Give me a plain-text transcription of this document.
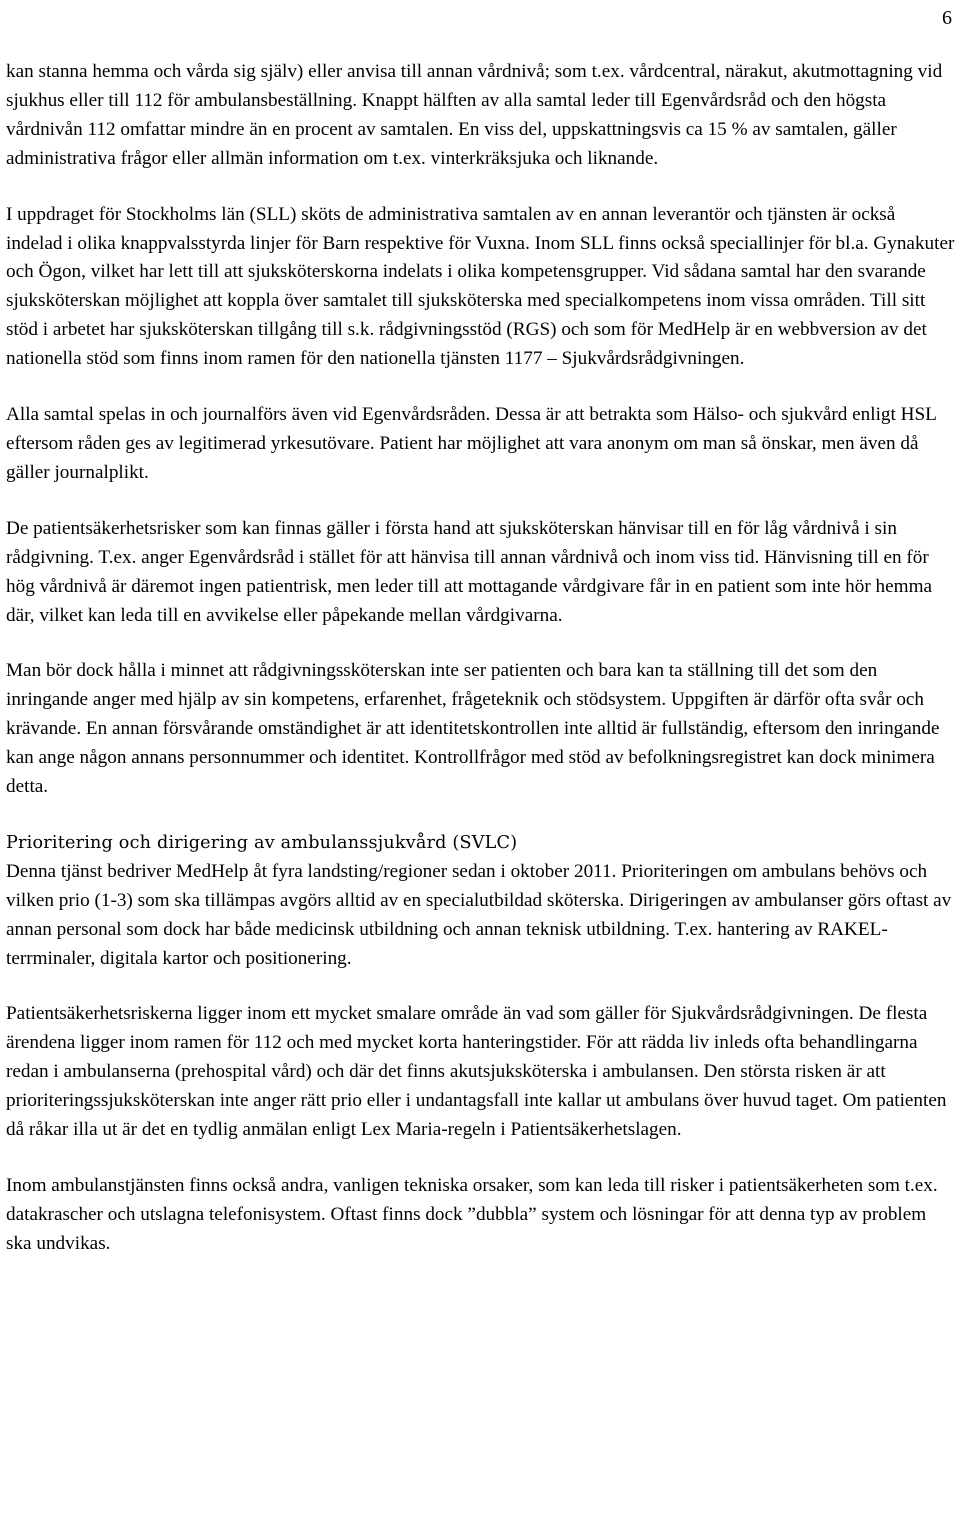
6

kan stanna hemma och vårda sig själv) eller anvisa till annan vårdnivå; som t.ex. vårdcentral, närakut, akutmottagning vid sjukhus eller till 112 för ambulansbeställning. Knappt hälften av alla samtal leder till Egenvårdsråd och den högsta vårdnivån 112 omfattar mindre än en procent av samtalen. En viss del, uppskattningsvis ca 15 % av samtalen, gäller administrativa frågor eller allmän information om t.ex. vinterkräksjuka och liknande.

I uppdraget för Stockholms län (SLL) sköts de administrativa samtalen av en annan leverantör och tjänsten är också indelad i olika knappvalsstyrda linjer för Barn respektive för Vuxna. Inom SLL finns också speciallinjer för bl.a. Gynakuter och Ögon, vilket har lett till att sjuksköterskorna indelats i olika kompetensgrupper. Vid sådana samtal har den svarande sjuksköterskan möjlighet att koppla över samtalet till sjuksköterska med specialkompetens inom vissa områden. Till sitt stöd i arbetet har sjuksköterskan tillgång till s.k. rådgivningsstöd (RGS) och som för MedHelp är en webbversion av det nationella stöd som finns inom ramen för den nationella tjänsten 1177 – Sjukvårdsrådgivningen.

Alla samtal spelas in och journalförs även vid Egenvårdsråden. Dessa är att betrakta som Hälso- och sjukvård enligt HSL eftersom råden ges av legitimerad yrkesutövare. Patient har möjlighet att vara anonym om man så önskar, men även då gäller journalplikt.

De patientsäkerhetsrisker som kan finnas gäller i första hand att sjuksköterskan hänvisar till en för låg vårdnivå i sin rådgivning. T.ex. anger Egenvårdsråd i stället för att hänvisa till annan vårdnivå och inom viss tid. Hänvisning till en för hög vårdnivå är däremot ingen patientrisk, men leder till att mottagande vårdgivare får in en patient som inte hör hemma där, vilket kan leda till en avvikelse eller påpekande mellan vårdgivarna.

Man bör dock hålla i minnet att rådgivningssköterskan inte ser patienten och bara kan ta ställning till det som den inringande anger med hjälp av sin kompetens, erfarenhet, frågeteknik och stödsystem. Uppgiften är därför ofta svår och krävande. En annan försvårande omständighet är att identitetskontrollen inte alltid är fullständig, eftersom den inringande kan ange någon annans personnummer och identitet. Kontrollfrågor med stöd av befolkningsregistret kan dock minimera detta.

Prioritering och dirigering av ambulanssjukvård (SVLC)

Denna tjänst bedriver MedHelp åt fyra landsting/regioner sedan i oktober 2011. Prioriteringen om ambulans behövs och vilken prio (1-3) som ska tillämpas avgörs alltid av en specialutbildad sköterska. Dirigeringen av ambulanser görs oftast av annan personal som dock har både medicinsk utbildning och annan teknisk utbildning. T.ex. hantering av RAKEL-terrminaler, digitala kartor och positionering.

Patientsäkerhetsriskerna ligger inom ett mycket smalare område än vad som gäller för Sjukvårdsrådgivningen. De flesta ärendena ligger inom ramen för 112 och med mycket korta hanteringstider. För att rädda liv inleds ofta behandlingarna redan i ambulanserna (prehospital vård) och där det finns akutsjuksköterska i ambulansen. Den största risken är att prioriteringssjuksköterskan inte anger rätt prio eller i undantagsfall inte kallar ut ambulans över huvud taget. Om patienten då råkar illa ut är det en tydlig anmälan enligt Lex Maria-regeln i Patientsäkerhetslagen.

Inom ambulanstjänsten finns också andra, vanligen tekniska orsaker, som kan leda till risker i patientsäkerheten som t.ex. datakrascher och utslagna telefonisystem. Oftast finns dock ”dubbla” system och lösningar för att denna typ av problem ska undvikas.
